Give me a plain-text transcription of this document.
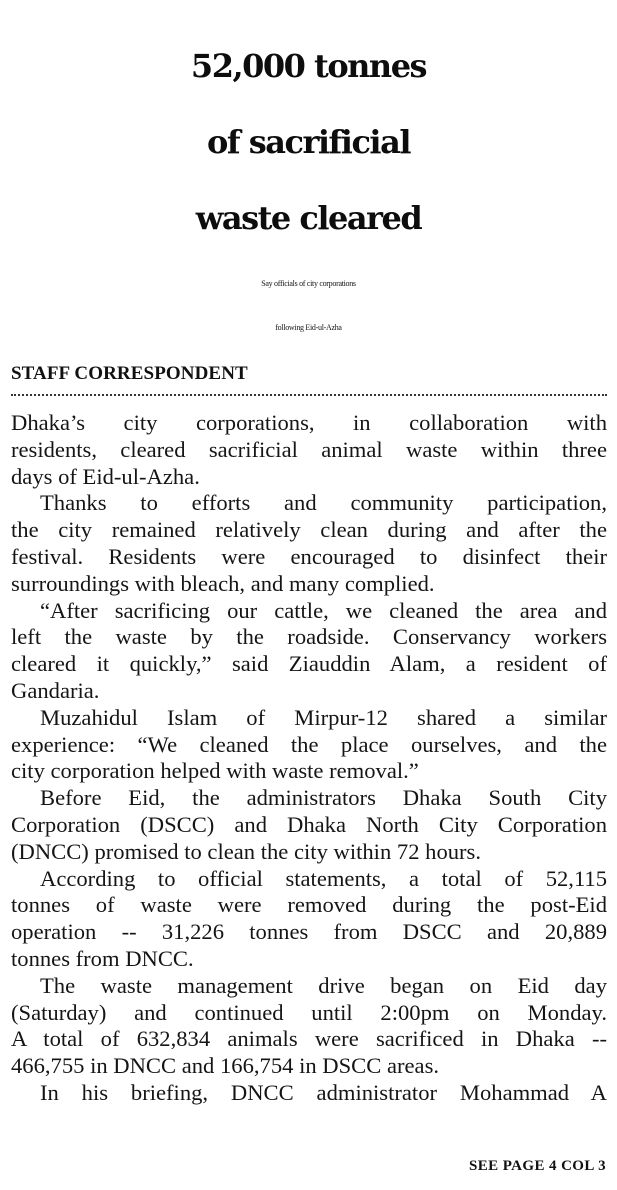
52,000 tonnes
of sacrificial
waste cleared
Say officials of city corporations
following Eid-ul-Azha
STAFF CORRESPONDENT

Dhaka’s city corporations, in collaboration with
residents, cleared sacrificial animal waste within three
days of Eid-ul-Azha.

Thanks to efforts and community participation,
the city remained relatively clean during and after the
festival. Residents were encouraged to disinfect their
surroundings with bleach, and many complied.

“After sacrificing our cattle, we cleaned the area and
left the waste by the roadside. Conservancy workers
cleared it quickly,” said Ziauddin Alam, a resident of
Gandaria.

Muzahidul Islam of Mirpur-12 shared a similar
experience: “We cleaned the place ourselves, and the
city corporation helped with waste removal.”

Before Eid, the administrators Dhaka South City
Corporation (DSCC) and Dhaka North City Corporation
(DNCC) promised to clean the city within 72 hours.

According to official statements, a total of 52,115
tonnes of waste were removed during the post-Eid
operation -- 31,226 tonnes from DSCC and 20,889
tonnes from DNCC.

The waste management drive began on Eid day
(Saturday) and continued until 2:00pm on Monday.
A total of 632,834 animals were sacrificed in Dhaka --
466,755 in DNCC and 166,754 in DSCC areas.

In his briefing, DNCC administrator Mohammad A

SEE PAGE 4 COL 3
